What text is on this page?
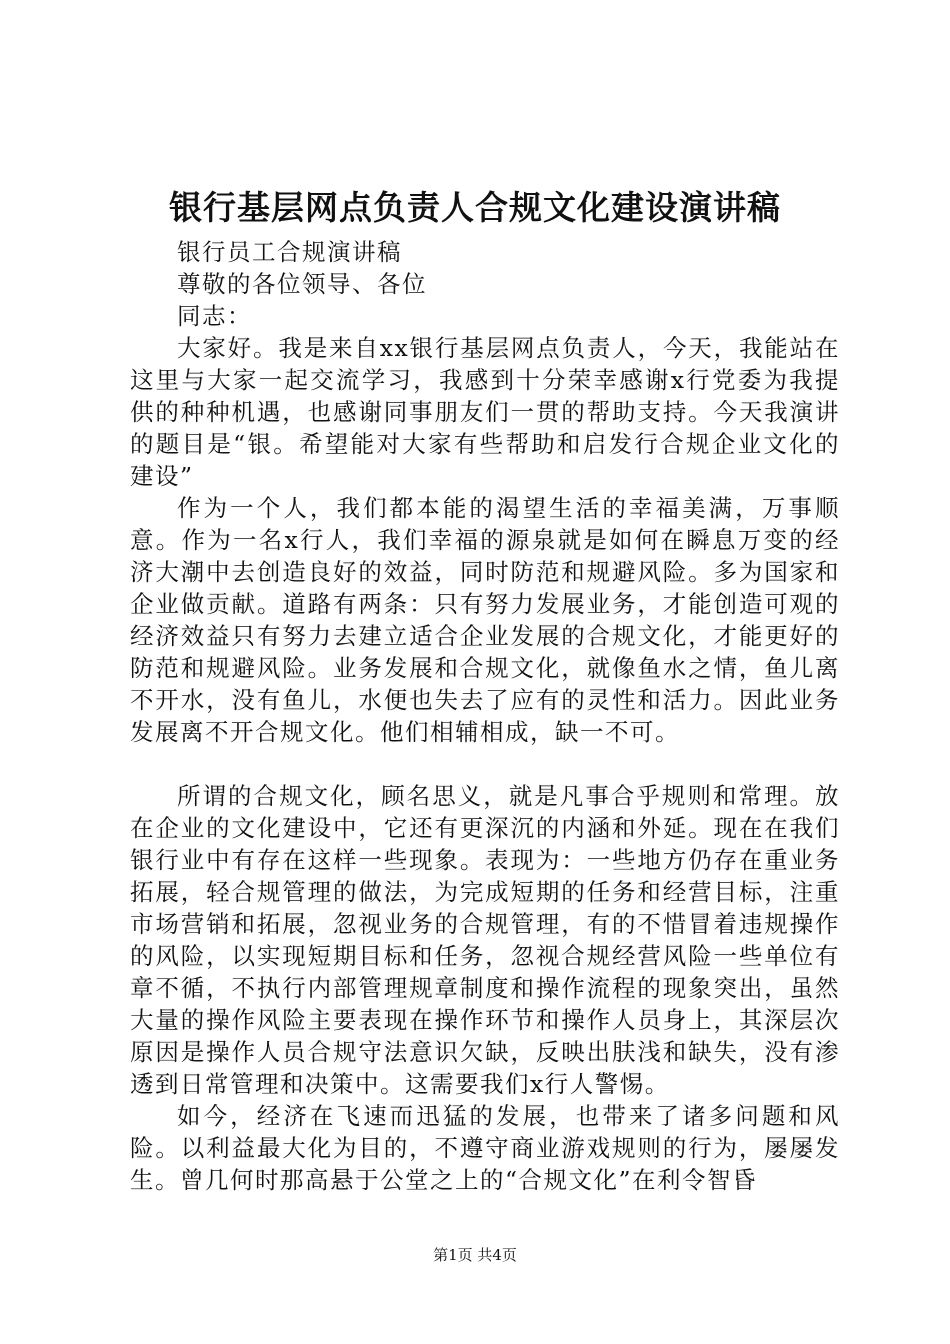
银行基层网点负责人合规文化建设演讲稿

银行员工合规演讲稿

尊敬的各位领导、各位

同志：

大家好。我是来自xx银行基层网点负责人，今天，我能站在这里与大家一起交流学习，我感到十分荣幸感谢x行党委为我提供的种种机遇，也感谢同事朋友们一贯的帮助支持。今天我演讲的题目是“银。希望能对大家有些帮助和启发行合规企业文化的建设”

作为一个人，我们都本能的渴望生活的幸福美满，万事顺意。作为一名x行人，我们幸福的源泉就是如何在瞬息万变的经济大潮中去创造良好的效益，同时防范和规避风险。多为国家和企业做贡献。道路有两条：只有努力发展业务，才能创造可观的经济效益只有努力去建立适合企业发展的合规文化，才能更好的防范和规避风险。业务发展和合规文化，就像鱼水之情，鱼儿离不开水，没有鱼儿，水便也失去了应有的灵性和活力。因此业务发展离不开合规文化。他们相辅相成，缺一不可。

所谓的合规文化，顾名思义，就是凡事合乎规则和常理。放在企业的文化建设中，它还有更深沉的内涵和外延。现在在我们银行业中有存在这样一些现象。表现为：一些地方仍存在重业务拓展，轻合规管理的做法，为完成短期的任务和经营目标，注重市场营销和拓展，忽视业务的合规管理，有的不惜冒着违规操作的风险，以实现短期目标和任务，忽视合规经营风险一些单位有章不循，不执行内部管理规章制度和操作流程的现象突出，虽然大量的操作风险主要表现在操作环节和操作人员身上，其深层次原因是操作人员合规守法意识欠缺，反映出肤浅和缺失，没有渗透到日常管理和决策中。这需要我们x行人警惕。

如今，经济在飞速而迅猛的发展，也带来了诸多问题和风险。以利益最大化为目的，不遵守商业游戏规则的行为，屡屡发生。曾几何时那高悬于公堂之上的“合规文化”在利令智昏

第1页 共4页
